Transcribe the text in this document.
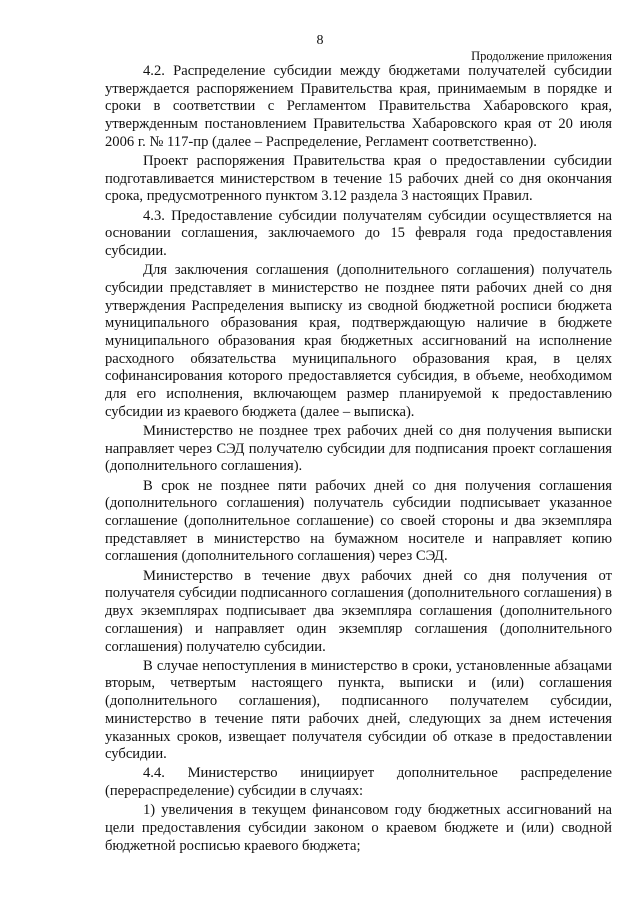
8
Продолжение приложения

4.2. Распределение субсидии между бюджетами получателей субсидии утверждается распоряжением Правительства края, принимаемым в порядке и сроки в соответствии с Регламентом Правительства Хабаровского края, утвержденным постановлением Правительства Хабаровского края от 20 июля 2006 г. № 117-пр (далее – Распределение, Регламент соответственно).

Проект распоряжения Правительства края о предоставлении субсидии подготавливается министерством в течение 15 рабочих дней со дня окончания срока, предусмотренного пунктом 3.12 раздела 3 настоящих Правил.

4.3. Предоставление субсидии получателям субсидии осуществляется на основании соглашения, заключаемого до 15 февраля года предоставления субсидии.

Для заключения соглашения (дополнительного соглашения) получатель субсидии представляет в министерство не позднее пяти рабочих дней со дня утверждения Распределения выписку из сводной бюджетной росписи бюджета муниципального образования края, подтверждающую наличие в бюджете муниципального образования края бюджетных ассигнований на исполнение расходного обязательства муниципального образования края, в целях софинансирования которого предоставляется субсидия, в объеме, необходимом для его исполнения, включающем размер планируемой к предоставлению субсидии из краевого бюджета (далее – выписка).

Министерство не позднее трех рабочих дней со дня получения выписки направляет через СЭД получателю субсидии для подписания проект соглашения (дополнительного соглашения).

В срок не позднее пяти рабочих дней со дня получения соглашения (дополнительного соглашения) получатель субсидии подписывает указанное соглашение (дополнительное соглашение) со своей стороны и два экземпляра представляет в министерство на бумажном носителе и направляет копию соглашения (дополнительного соглашения) через СЭД.

Министерство в течение двух рабочих дней со дня получения от получателя субсидии подписанного соглашения (дополнительного соглашения) в двух экземплярах подписывает два экземпляра соглашения (дополнительного соглашения) и направляет один экземпляр соглашения (дополнительного соглашения) получателю субсидии.

В случае непоступления в министерство в сроки, установленные абзацами вторым, четвертым настоящего пункта, выписки и (или) соглашения (дополнительного соглашения), подписанного получателем субсидии, министерство в течение пяти рабочих дней, следующих за днем истечения указанных сроков, извещает получателя субсидии об отказе в предоставлении субсидии.

4.4. Министерство инициирует дополнительное распределение (перераспределение) субсидии в случаях:

1) увеличения в текущем финансовом году бюджетных ассигнований на цели предоставления субсидии законом о краевом бюджете и (или) сводной бюджетной росписью краевого бюджета;
